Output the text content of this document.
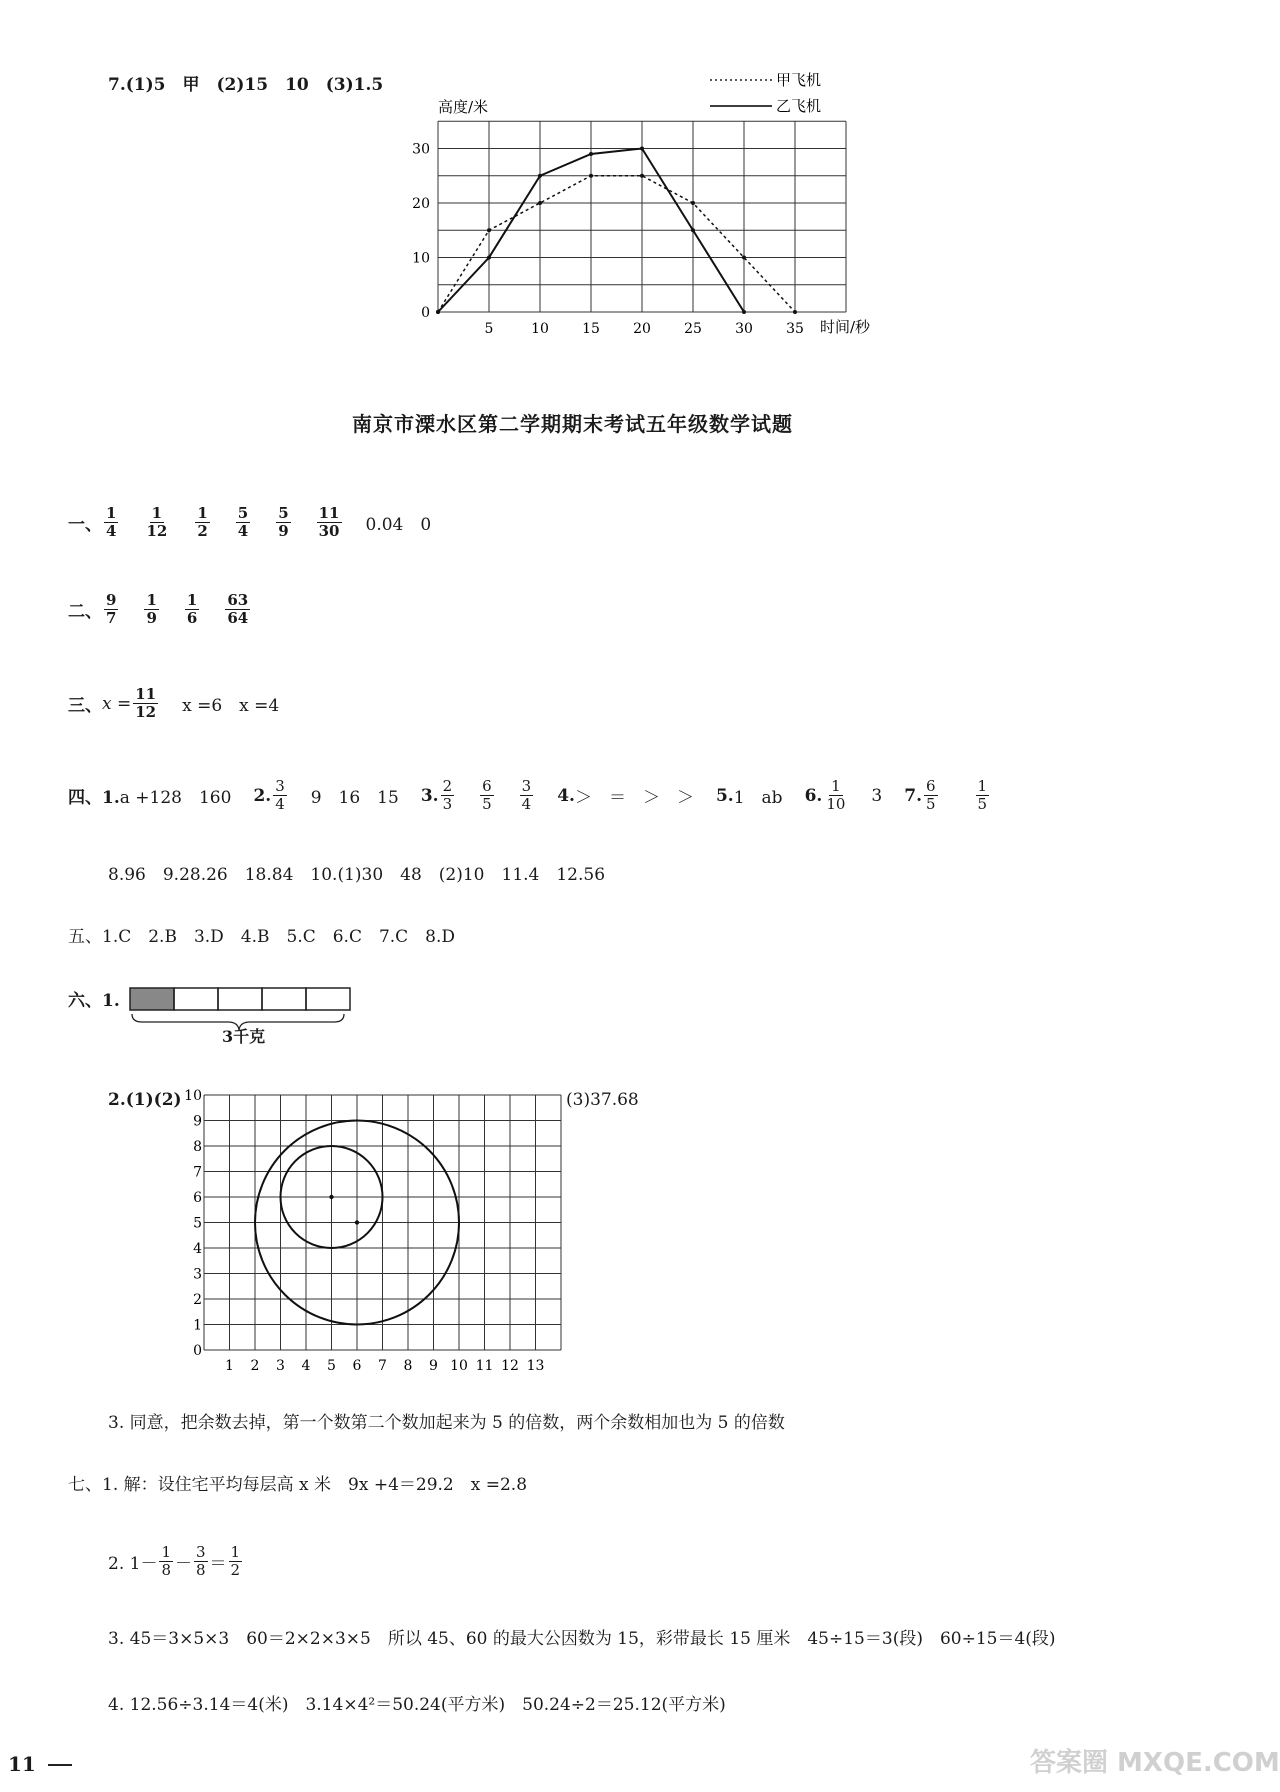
7.(1)5　甲　(2)15　10　(3)1.5
5	10 15 20 25 30 35
0
10
20
30
高度/米
时间/秒
甲飞机
乙飞机
南京市溧水区第二学期期末考试五年级数学试题
一、 $\frac{1}{4} \frac{1}{12} \frac{1}{2} \frac{5}{4} \frac{5}{9} \frac{11}{30} 0.04$　0
二、 $\frac{9}{7} \frac{1}{9} \frac{1}{6} \frac{63}{64}$
三、 $x = \frac{11}{12}$ x =6　x =4
四、1. a +128　160 2. $\frac{3}{4} 9$　16　15 3. $\frac{2}{3} \frac{6}{5} \frac{3}{4} 4$. ＞　＝　＞　＞ 5. 1　ab 6. $\frac{1}{10} 3$ 7. $\frac{6}{5}$	$\frac{1}{5}$
8.96　9.28.26　18.84　10.(1)30　48　(2)10　11.4　12.56
五、1.C　2.B　3.D　4.B　5.C　6.C　7.C　8.D
六、1.
3千克
2.(1)(2)	(3)37.68
1 2 3 4 5 6 7 8 9 10 11 12 13
0
1
2
3
4
5
6
7
8
9
10
3. 同意，把余数去掉，第一个数第二个数加起来为 5 的倍数，两个余数相加也为 5 的倍数
七、1. 解：设住宅平均每层高 x 米　9x +4＝29.2　x =2.8
2. $1- \frac{1}{8} - \frac{3}{8} = \frac{1}{2}$
3. 45＝3×5×3　60＝2×2×3×5　所以 45、60 的最大公因数为 15，彩带最长 15 厘米　45÷15＝3(段)　60÷15＝4(段)
4. 12.56÷3.14＝4(米)　3.14×4²＝50.24(平方米)　50.24÷2＝25.12(平方米)
11	答案圈 MXQE.COM
